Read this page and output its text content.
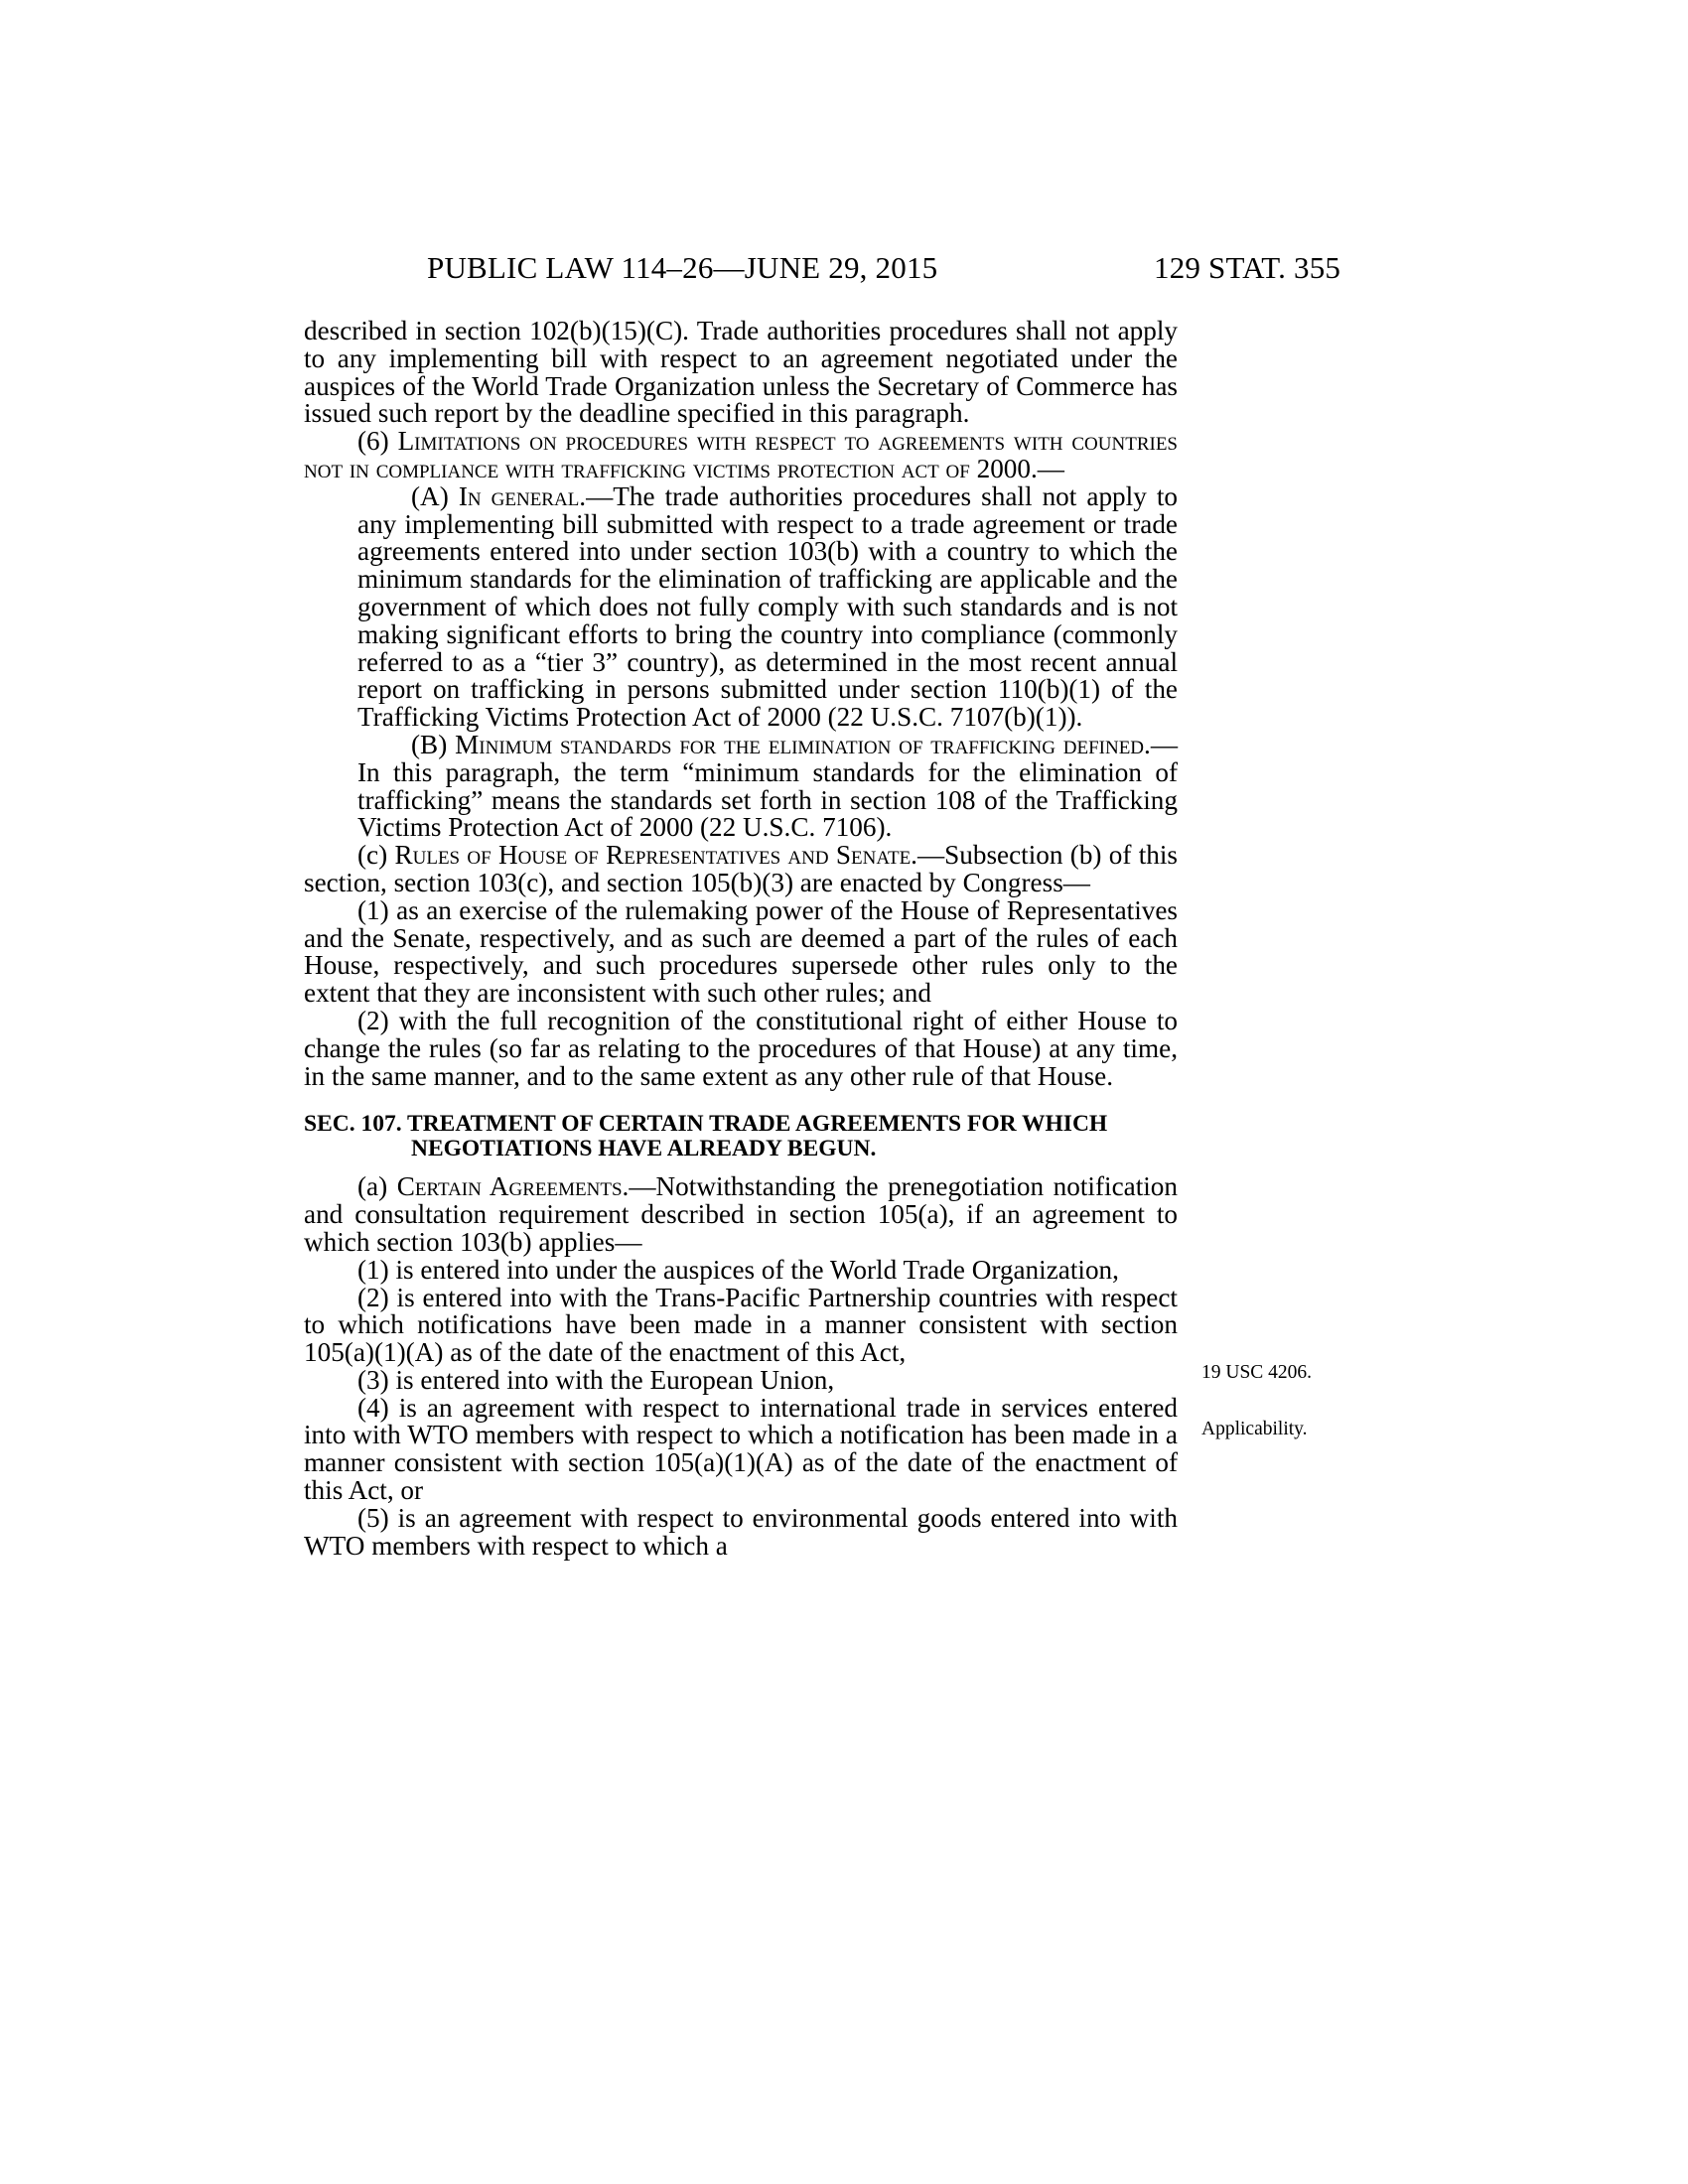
PUBLIC LAW 114–26—JUNE 29, 2015	129 STAT. 355

described in section 102(b)(15)(C). Trade authorities procedures shall not apply to any implementing bill with respect to an agreement negotiated under the auspices of the World Trade Organization unless the Secretary of Commerce has issued such report by the deadline specified in this paragraph.

(6) Limitations on procedures with respect to agreements with countries not in compliance with trafficking victims protection act of 2000.—

(A) In general.—The trade authorities procedures shall not apply to any implementing bill submitted with respect to a trade agreement or trade agreements entered into under section 103(b) with a country to which the minimum standards for the elimination of trafficking are applicable and the government of which does not fully comply with such standards and is not making significant efforts to bring the country into compliance (commonly referred to as a “tier 3” country), as determined in the most recent annual report on trafficking in persons submitted under section 110(b)(1) of the Trafficking Victims Protection Act of 2000 (22 U.S.C. 7107(b)(1)).

(B) Minimum standards for the elimination of trafficking defined.—In this paragraph, the term “minimum standards for the elimination of trafficking” means the standards set forth in section 108 of the Trafficking Victims Protection Act of 2000 (22 U.S.C. 7106).

(c) Rules of House of Representatives and Senate.—Subsection (b) of this section, section 103(c), and section 105(b)(3) are enacted by Congress—

(1) as an exercise of the rulemaking power of the House of Representatives and the Senate, respectively, and as such are deemed a part of the rules of each House, respectively, and such procedures supersede other rules only to the extent that they are inconsistent with such other rules; and

(2) with the full recognition of the constitutional right of either House to change the rules (so far as relating to the procedures of that House) at any time, in the same manner, and to the same extent as any other rule of that House.

SEC. 107. TREATMENT OF CERTAIN TRADE AGREEMENTS FOR WHICH
NEGOTIATIONS HAVE ALREADY BEGUN.

(a) Certain Agreements.—Notwithstanding the prenegotiation notification and consultation requirement described in section 105(a), if an agreement to which section 103(b) applies—

(1) is entered into under the auspices of the World Trade Organization,

(2) is entered into with the Trans-Pacific Partnership countries with respect to which notifications have been made in a manner consistent with section 105(a)(1)(A) as of the date of the enactment of this Act,

(3) is entered into with the European Union,

(4) is an agreement with respect to international trade in services entered into with WTO members with respect to which a notification has been made in a manner consistent with section 105(a)(1)(A) as of the date of the enactment of this Act, or

(5) is an agreement with respect to environmental goods entered into with WTO members with respect to which a

19 USC 4206.
Applicability.
